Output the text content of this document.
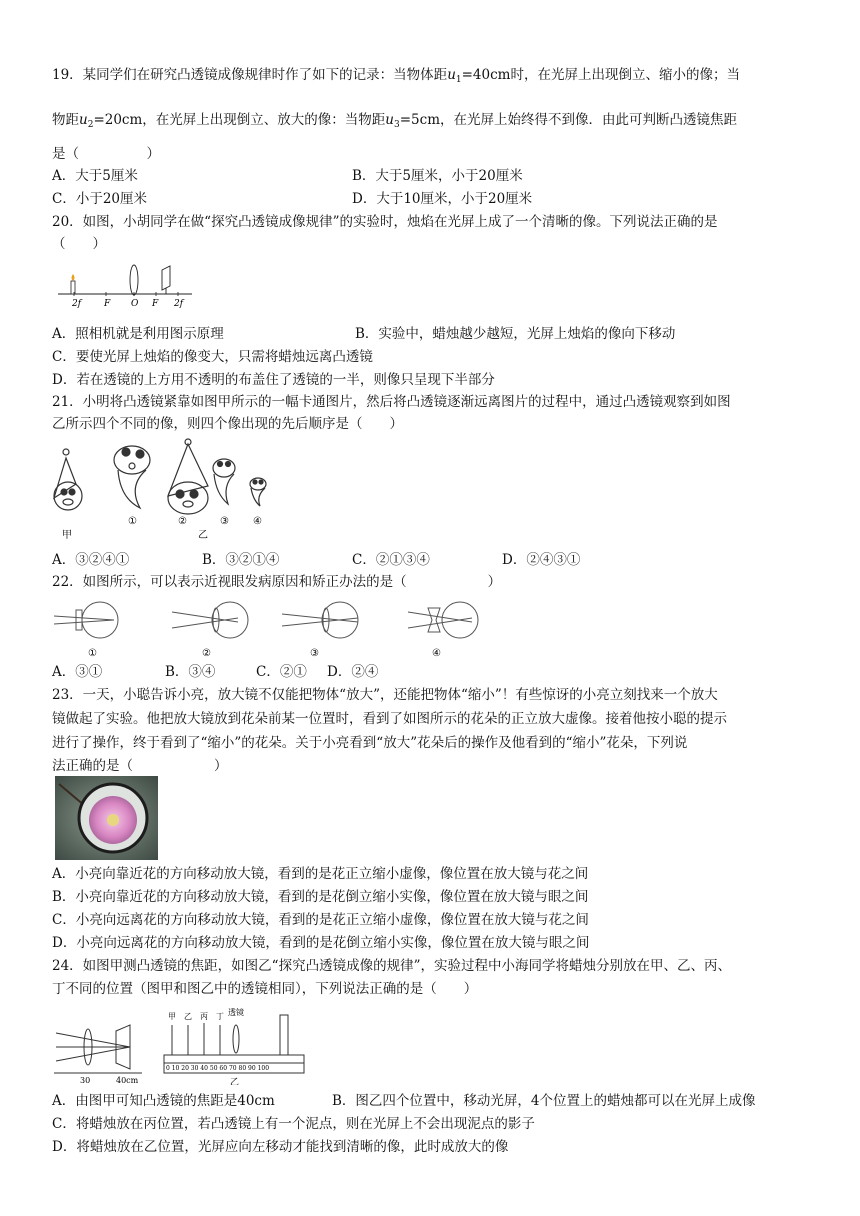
19．某同学们在研究凸透镜成像规律时作了如下的记录：当物体距$u_1=40cm$时，在光屏上出现倒立、缩小的像；当
物距$u_2=20cm$，在光屏上出现倒立、放大的像：当物距$u_3=5cm$，在光屏上始终得不到像．由此可判断凸透镜焦距
是（　　　　　）
A．大于5厘米	B．大于5厘米，小于20厘米
C．小于20厘米	D．大于10厘米，小于20厘米
20．如图，小胡同学在做“探究凸透镜成像规律”的实验时，烛焰在光屏上成了一个清晰的像。下列说法正确的是
（　　）
2f	F O F 2f
A．照相机就是利用图示原理	B．实验中，蜡烛越少越短，光屏上烛焰的像向下移动
C．要使光屏上烛焰的像变大，只需将蜡烛远离凸透镜
D．若在透镜的上方用不透明的布盖住了透镜的一半，则像只呈现下半部分
21．小明将凸透镜紧靠如图甲所示的一幅卡通图片，然后将凸透镜逐渐远离图片的过程中，通过凸透镜观察到如图
乙所示四个不同的像，则四个像出现的先后顺序是（　　）
甲	乙
①	②	③ ④
A．③②④①	B．③②①④	C．②①③④	D．②④③①
22．如图所示，可以表示近视眼发病原因和矫正办法的是（　　　　　　）
①	②	③	④
A．③①	B．③④	C．②① D．②④
23．一天，小聪告诉小亮，放大镜不仅能把物体“放大”，还能把物体“缩小”！有些惊讶的小亮立刻找来一个放大
镜做起了实验。他把放大镜放到花朵前某一位置时，看到了如图所示的花朵的正立放大虚像。接着他按小聪的提示
进行了操作，终于看到了“缩小”的花朵。关于小亮看到“放大”花朵后的操作及他看到的“缩小”花朵，下列说
法正确的是（　　　　　　）
A．小亮向靠近花的方向移动放大镜，看到的是花正立缩小虚像，像位置在放大镜与花之间
B．小亮向靠近花的方向移动放大镜，看到的是花倒立缩小实像，像位置在放大镜与眼之间
C．小亮向远离花的方向移动放大镜，看到的是花正立缩小虚像，像位置在放大镜与花之间
D．小亮向远离花的方向移动放大镜，看到的是花倒立缩小实像，像位置在放大镜与眼之间
24．如图甲测凸透镜的焦距，如图乙“探究凸透镜成像的规律”，实验过程中小海同学将蜡烛分别放在甲、乙、丙、
丁不同的位置（图甲和图乙中的透镜相同），下列说法正确的是（　　）
30	40cm
甲 乙 丙 丁 透镜
0 10 20 30 40 50 60 70 80 90 100
乙
A．由图甲可知凸透镜的焦距是40cm	B．图乙四个位置中，移动光屏，4个位置上的蜡烛都可以在光屏上成像
C．将蜡烛放在丙位置，若凸透镜上有一个泥点，则在光屏上不会出现泥点的影子
D．将蜡烛放在乙位置，光屏应向左移动才能找到清晰的像，此时成放大的像
